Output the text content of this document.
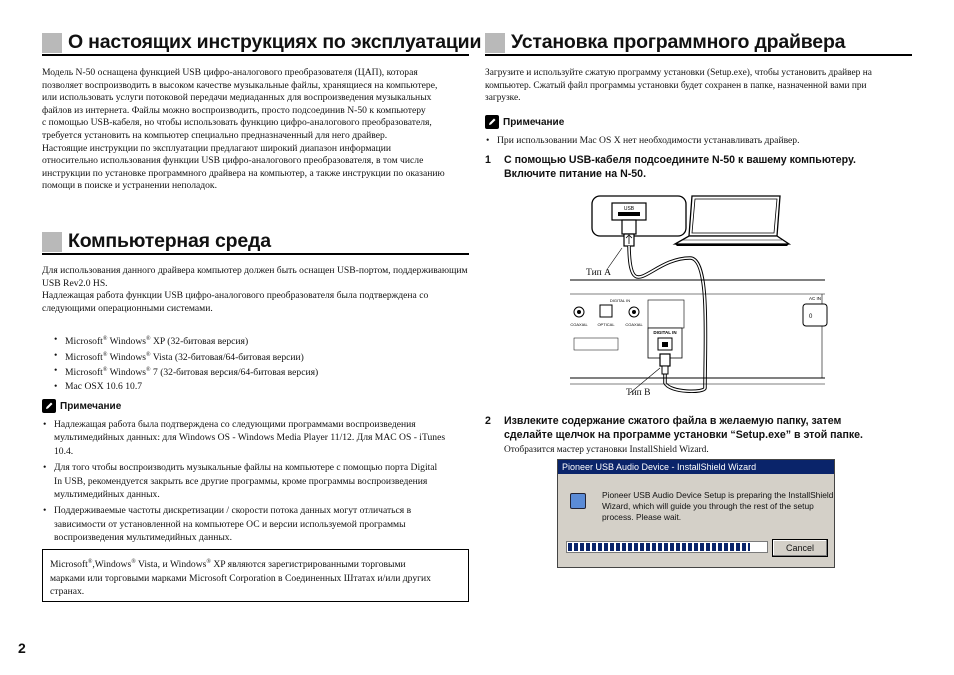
О настоящих инструкциях по эксплуатации
Модель N-50 оснащена функцией USB цифро-аналогового преобразователя (ЦАП), которая
позволяет воспроизводить в высоком качестве музыкальные файлы, хранящиеся на компьютере,
или использовать услуги потоковой передачи медиаданных для воспроизведения музыкальных
файлов из интернета. Файлы можно воспроизводить, просто подсоединив N-50 к компьютеру
с помощью USB-кабеля, но чтобы использовать функцию цифро-аналогового преобразователя,
требуется установить на компьютер специально предназначенный для него драйвер.
Настоящие инструкции по эксплуатации предлагают широкий диапазон информации
относительно использования функции USB цифро-аналогового преобразователя, в том числе
инструкции по установке программного драйвера на компьютер, а также инструкции по оказанию
помощи в поиске и устранении неполадок.
Компьютерная среда
Для использования данного драйвера компьютер должен быть оснащен USB-портом, поддерживающим
USB Rev2.0 HS.
Надлежащая работа функции USB цифро-аналогового преобразователя была подтверждена со
следующими операционными системами.
• Microsoft® Windows® XP (32-битовая версия)
• Microsoft® Windows® Vista (32-битовая/64-битовая версии)
• Microsoft® Windows® 7 (32-битовая версия/64-битовая версия)
• Mac OSX 10.6 10.7
Примечание
• Надлежащая работа была подтверждена со следующими программами воспроизведения
мультимедийных данных: для Windows OS - Windows Media Player 11/12. Для MAC OS - iTunes
10.4.
• Для того чтобы воспроизводить музыкальные файлы на компьютере с помощью порта Digital
In USB, рекомендуется закрыть все другие программы, кроме программы воспроизведения
мультимедийных данных.
• Поддерживаемые частоты дискретизации / скорости потока данных могут отличаться в
зависимости от установленной на компьютере ОС и версии используемой программы
воспроизведения мультимедийных данных.
Microsoft®,Windows® Vista, и Windows® XP являются зарегистрированными торговыми
марками или торговыми марками Microsoft Corporation в Соединенных Штатах и/или других
странах.
2
Установка программного драйвера
Загрузите и используйте сжатую программу установки (Setup.exe), чтобы установить драйвер на
компьютер. Сжатый файл программы установки будет сохранен в папке, назначенной вами при
загрузке.
Примечание
• При использовании Mac OS X нет необходимости устанавливать драйвер.
1 С помощью USB-кабеля подсоедините N-50 к вашему компьютеру.
Включите питание на N-50.
USB
COAXIAL
DIGITAL IN
OPTICAL	COAXIAL
DIGITAL IN
AC IN
0
Тип A
Тип B
2 Извлеките содержание сжатого файла в желаемую папку, затем
сделайте щелчок на программе установки “Setup.exe” в этой папке.
Отобразится мастер установки InstallShield Wizard.
Pioneer USB Audio Device - InstallShield Wizard
Pioneer USB Audio Device Setup is preparing the InstallShield
Wizard, which will guide you through the rest of the setup
process. Please wait.
Cancel
